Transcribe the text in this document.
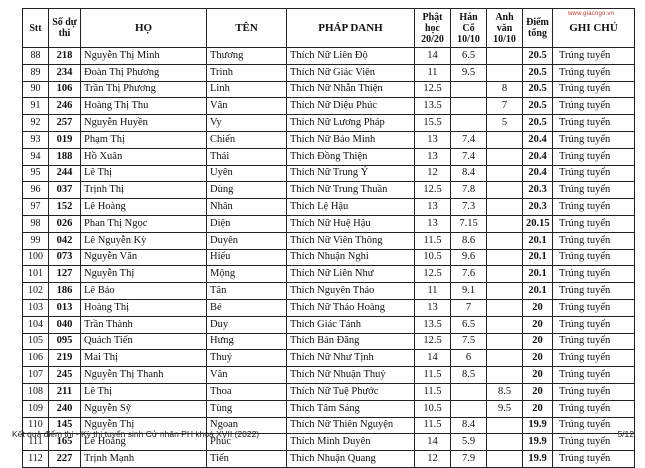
Stt	Số dự thi	HỌ	TÊN	PHÁP DANH	Phật học 20/20	Hán Cổ 10/10	Anh văn 10/10	Điểm tổng	GHI CHÚ
88	218	Nguyễn Thị Minh	Thương	Thích Nữ Liên Độ	14	6.5		20.5	Trúng tuyển
89	234	Đoàn Thị Phương	Trinh	Thích Nữ Giác Viên	11	9.5		20.5	Trúng tuyển
90	106	Trần Thị Phương	Linh	Thích Nữ Nhẫn Thiện	12.5		8	20.5	Trúng tuyển
91	246	Hoàng Thị Thu	Vân	Thích Nữ Diệu Phúc	13.5		7	20.5	Trúng tuyển
92	257	Nguyễn Huyền	Vy	Thích Nữ Lương Pháp	15.5		5	20.5	Trúng tuyển
93	019	Phạm Thị	Chiến	Thích Nữ Bảo Minh	13	7.4		20.4	Trúng tuyển
94	188	Hồ Xuân	Thái	Thích Đồng Thiện	13	7.4		20.4	Trúng tuyển
95	244	Lê Thị	Uyên	Thích Nữ Trung Ý	12	8.4		20.4	Trúng tuyển
96	037	Trịnh Thị	Dùng	Thích Nữ Trung Thuần	12.5	7.8		20.3	Trúng tuyển
97	152	Lê Hoàng	Nhân	Thích Lệ Hậu	13	7.3		20.3	Trúng tuyển
98	026	Phan Thị Ngọc	Diện	Thích Nữ Huệ Hậu	13	7.15		20.15	Trúng tuyển
99	042	Lê Nguyễn Kỳ	Duyên	Thích Nữ Viên Thông	11.5	8.6		20.1	Trúng tuyển
100	073	Nguyễn Văn	Hiếu	Thích Nhuận Nghi	10.5	9.6		20.1	Trúng tuyển
101	127	Nguyễn Thị	Mộng	Thích Nữ Liên Như	12.5	7.6		20.1	Trúng tuyển
102	186	Lê Bảo	Tân	Thích Nguyên Thảo	11	9.1		20.1	Trúng tuyển
103	013	Hoàng Thị	Bé	Thích Nữ Thảo Hoàng	13	7		20	Trúng tuyển
104	040	Trần Thành	Duy	Thích Giác Tánh	13.5	6.5		20	Trúng tuyển
105	095	Quách Tiến	Hưng	Thích Bản Đăng	12.5	7.5		20	Trúng tuyển
106	219	Mai Thị	Thuý	Thích Nữ Như Tịnh	14	6		20	Trúng tuyển
107	245	Nguyễn Thị Thanh	Vân	Thích Nữ Nhuận Thuỷ	11.5	8.5		20	Trúng tuyển
108	211	Lê Thị	Thoa	Thích Nữ Tuệ Phước	11.5		8.5	20	Trúng tuyển
109	240	Nguyễn Sỹ	Tùng	Thích Tâm Sáng	10.5		9.5	20	Trúng tuyển
110	145	Nguyễn Thị	Ngoan	Thích Nữ Thiên Nguyện	11.5	8.4		19.9	Trúng tuyển
111	165	Lê Hoàng	Phúc	Thích Minh Duyên	14	5.9		19.9	Trúng tuyển
112	227	Trịnh Mạnh	Tiến	Thích Nhuận Quang	12	7.9		19.9	Trúng tuyển
www.giacngo.vn
Kết quả điểm thi - Kỳ thi tuyển sinh Cử nhân PH khoá XVII (2022)	5/12
